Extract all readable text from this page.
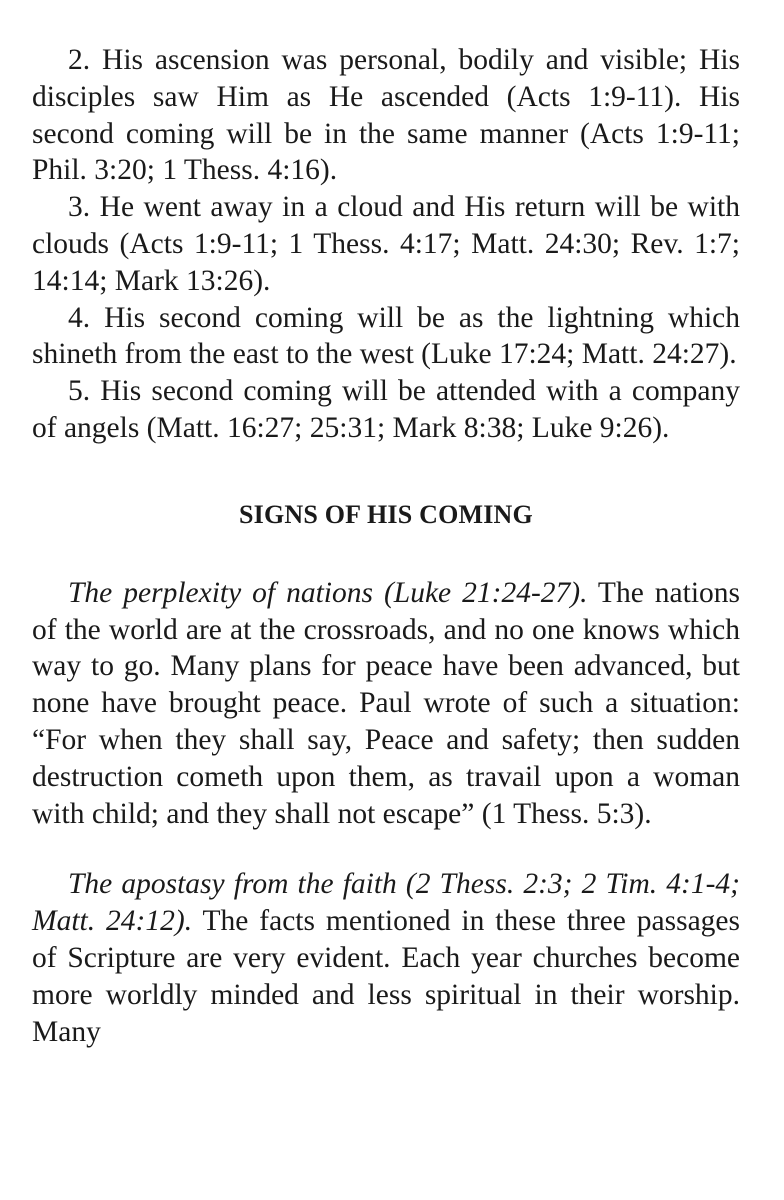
2. His ascension was personal, bodily and visible; His disciples saw Him as He ascended (Acts 1:9-11). His second coming will be in the same manner (Acts 1:9-11; Phil. 3:20; 1 Thess. 4:16).

3. He went away in a cloud and His return will be with clouds (Acts 1:9-11; 1 Thess. 4:17; Matt. 24:30; Rev. 1:7; 14:14; Mark 13:26).

4. His second coming will be as the lightning which shineth from the east to the west (Luke 17:24; Matt. 24:27).

5. His second coming will be attended with a company of angels (Matt. 16:27; 25:31; Mark 8:38; Luke 9:26).

SIGNS OF HIS COMING

The perplexity of nations (Luke 21:24-27). The nations of the world are at the crossroads, and no one knows which way to go. Many plans for peace have been advanced, but none have brought peace. Paul wrote of such a situation: “For when they shall say, Peace and safety; then sudden destruction cometh upon them, as travail upon a woman with child; and they shall not escape” (1 Thess. 5:3).

The apostasy from the faith (2 Thess. 2:3; 2 Tim. 4:1-4; Matt. 24:12). The facts mentioned in these three passages of Scripture are very evident. Each year churches become more worldly minded and less spiritual in their worship. Many
